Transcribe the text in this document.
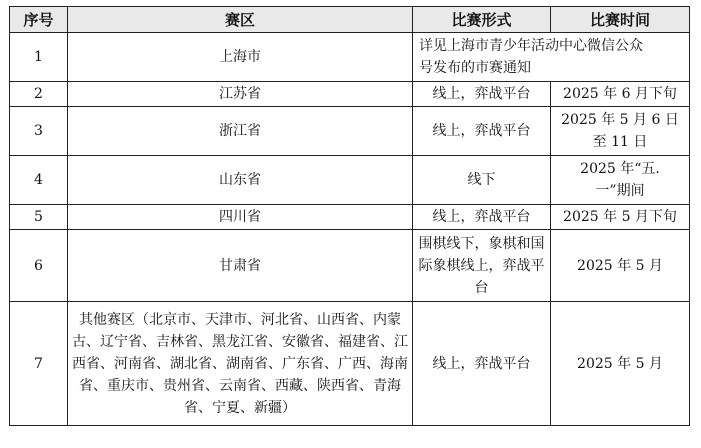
序号	赛区	比赛形式	比赛时间
1	上海市	详见上海市青少年活动中心微信公众号发布的市赛通知	
2	江苏省	线上，弈战平台	2025 年 6 月下旬
3	浙江省	线上，弈战平台	2025 年 5 月 6 日至 11 日
4	山东省	线下	2025 年“五.一”期间
5	四川省	线上，弈战平台	2025 年 5 月下旬
6	甘肃省	围棋线下，象棋和国际象棋线上，弈战平台	2025 年 5 月
7	其他赛区（北京市、天津市、河北省、山西省、内蒙古、辽宁省、吉林省、黑龙江省、安徽省、福建省、江西省、河南省、湖北省、湖南省、广东省、广西、海南省、重庆市、贵州省、云南省、西藏、陕西省、青海省、宁夏、新疆）	线上，弈战平台	2025 年 5 月
